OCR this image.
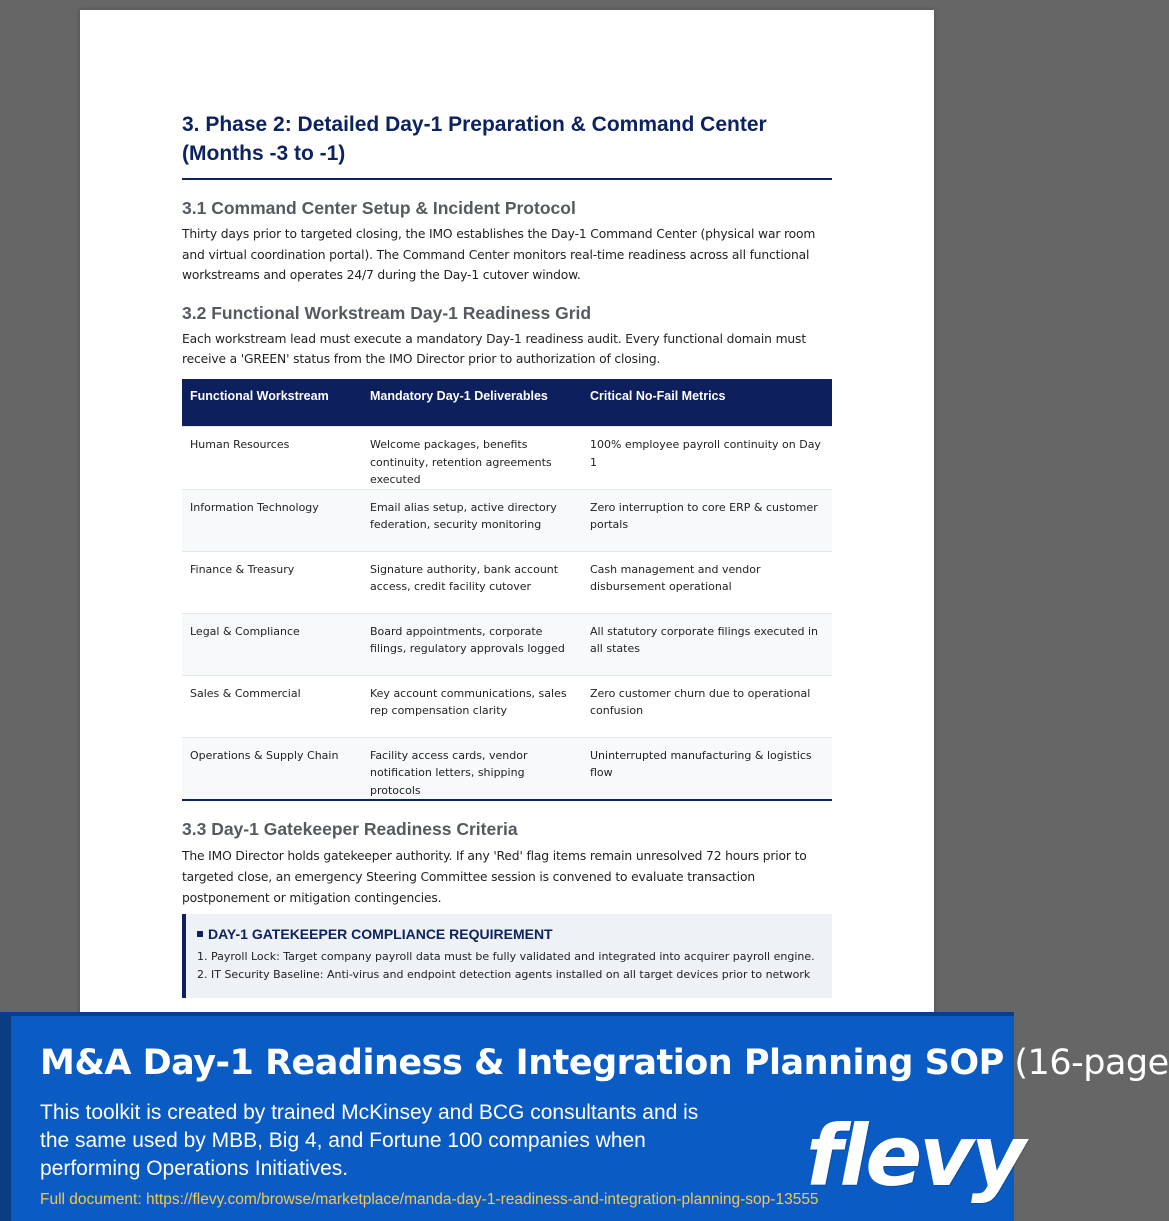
3. Phase 2: Detailed Day-1 Preparation & Command Center (Months -3 to -1)
3.1 Command Center Setup & Incident Protocol

Thirty days prior to targeted closing, the IMO establishes the Day-1 Command Center (physical war room and virtual coordination portal). The Command Center monitors real-time readiness across all functional workstreams and operates 24/7 during the Day-1 cutover window.

3.2 Functional Workstream Day-1 Readiness Grid

Each workstream lead must execute a mandatory Day-1 readiness audit. Every functional domain must receive a 'GREEN' status from the IMO Director prior to authorization of closing.

Functional Workstream	Mandatory Day-1 Deliverables	Critical No-Fail Metrics
Human Resources	Welcome packages, benefits continuity, retention agreements executed	100% employee payroll continuity on Day 1
Information Technology	Email alias setup, active directory federation, security monitoring	Zero interruption to core ERP & customer portals
Finance & Treasury	Signature authority, bank account access, credit facility cutover	Cash management and vendor disbursement operational
Legal & Compliance	Board appointments, corporate filings, regulatory approvals logged	All statutory corporate filings executed in all states
Sales & Commercial	Key account communications, sales rep compensation clarity	Zero customer churn due to operational confusion
Operations & Supply Chain	Facility access cards, vendor notification letters, shipping protocols	Uninterrupted manufacturing & logistics flow
3.3 Day-1 Gatekeeper Readiness Criteria

The IMO Director holds gatekeeper authority. If any 'Red' flag items remain unresolved 72 hours prior to targeted close, an emergency Steering Committee session is convened to evaluate transaction postponement or mitigation contingencies.

DAY-1 GATEKEEPER COMPLIANCE REQUIREMENT
1. Payroll Lock: Target company payroll data must be fully validated and integrated into acquirer payroll engine.
2. IT Security Baseline: Anti-virus and endpoint detection agents installed on all target devices prior to network
M&A Day-1 Readiness & Integration Planning SOP (16-page
This toolkit is created by trained McKinsey and BCG consultants and is the same used by MBB, Big 4, and Fortune 100 companies when performing Operations Initiatives.
Full document: https://flevy.com/browse/marketplace/manda-day-1-readiness-and-integration-planning-sop-13555
flevy
